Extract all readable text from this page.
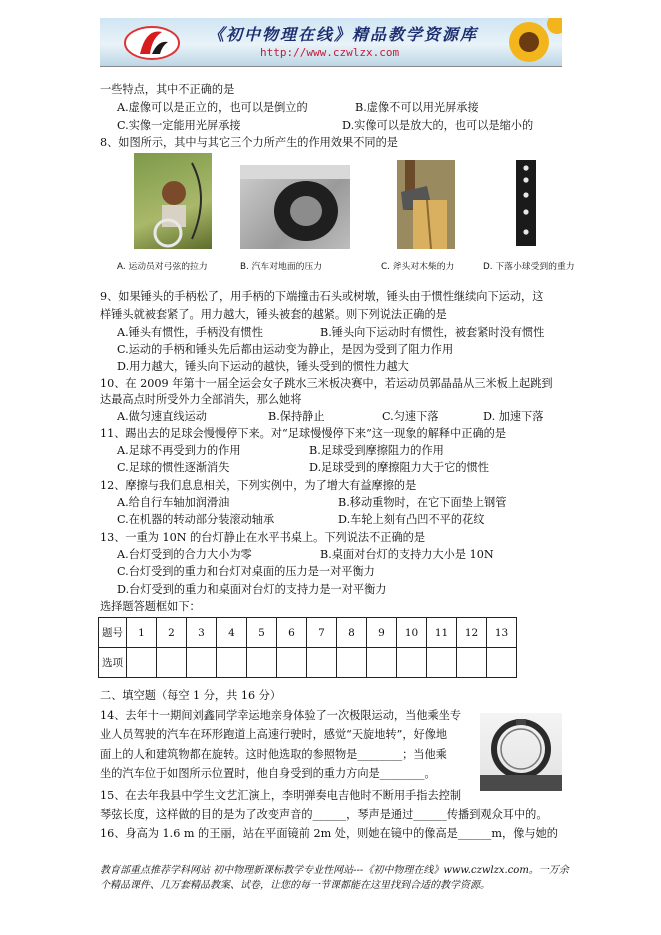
《初中物理在线》精品教学资源库
http://www.czwlzx.com
一些特点，其中不正确的是
A.虚像可以是正立的，也可以是倒立的	B.虚像不可以用光屏承接
C.实像一定能用光屏承接	D.实像可以是放大的，也可以是缩小的
8、如图所示，其中与其它三个力所产生的作用效果不同的是
A. 运动员对弓弦的拉力	B. 汽车对地面的压力	C. 斧头对木柴的力	D. 下落小球受到的重力
9、如果锤头的手柄松了，用手柄的下端撞击石头或树墩，锤头由于惯性继续向下运动，这
样锤头就被套紧了。用力越大，锤头被套的越紧。则下列说法正确的是
A.锤头有惯性，手柄没有惯性	B.锤头向下运动时有惯性，被套紧时没有惯性
C.运动的手柄和锤头先后都由运动变为静止，是因为受到了阻力作用
D.用力越大，锤头向下运动的越快，锤头受到的惯性力越大
10、在 2009 年第十一届全运会女子跳水三米板决赛中，若运动员郭晶晶从三米板上起跳到
达最高点时所受外力全部消失，那么她将
A.做匀速直线运动	B.保持静止	C.匀速下落	D. 加速下落
11、踢出去的足球会慢慢停下来。对“足球慢慢停下来”这一现象的解释中正确的是
A.足球不再受到力的作用	B.足球受到摩擦阻力的作用
C.足球的惯性逐渐消失	D.足球受到的摩擦阻力大于它的惯性
12、摩擦与我们息息相关，下列实例中，为了增大有益摩擦的是
A.给自行车轴加润滑油	B.移动重物时，在它下面垫上钢管
C.在机器的转动部分装滚动轴承	D.车轮上刻有凸凹不平的花纹
13、一重为 10N 的台灯静止在水平书桌上。下列说法不正确的是
A.台灯受到的合力大小为零	B.桌面对台灯的支持力大小是 10N
C.台灯受到的重力和台灯对桌面的压力是一对平衡力
D.台灯受到的重力和桌面对台灯的支持力是一对平衡力
选择题答题框如下：
题号	1	2	3	4	5	6	7	8	9	10	11	12	13
选项													
二、填空题（每空 1 分，共 16 分）
14、去年十一期间刘鑫同学幸运地亲身体验了一次极限运动，当他乘坐专
业人员驾驶的汽车在环形跑道上高速行驶时，感觉“天旋地转”，好像地
面上的人和建筑物都在旋转。这时他选取的参照物是________；当他乘
坐的汽车位于如图所示位置时，他自身受到的重力方向是________。
15、在去年我县中学生文艺汇演上，李明弹奏电吉他时不断用手指去控制
琴弦长度，这样做的目的是为了改变声音的______，琴声是通过______传播到观众耳中的。
16、身高为 1.6 m 的王丽，站在平面镜前 2m 处，则她在镜中的像高是______m，像与她的
教育部重点推荐学科网站 初中物理新课标教学专业性网站---《初中物理在线》www.czwlzx.com。一万余
个精品课件、几万套精品教案、试卷，让您的每一节课都能在这里找到合适的教学资源。
